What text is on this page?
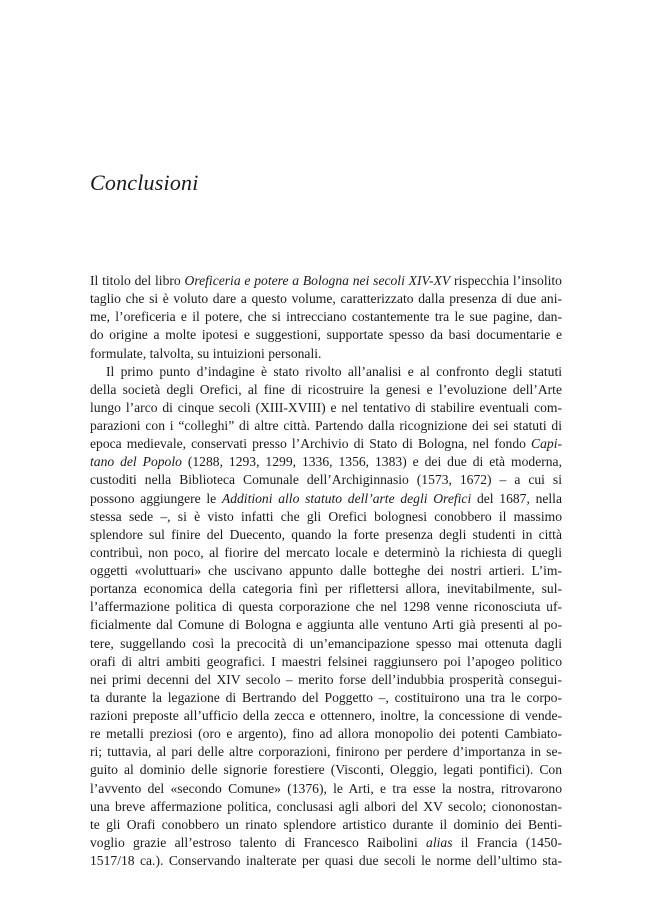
Conclusioni
Il titolo del libro Oreficeria e potere a Bologna nei secoli XIV-XV rispecchia l’insolito
taglio che si è voluto dare a questo volume, caratterizzato dalla presenza di due ani-
me, l’oreficeria e il potere, che si intrecciano costantemente tra le sue pagine, dan-
do origine a molte ipotesi e suggestioni, supportate spesso da basi documentarie e
formulate, talvolta, su intuizioni personali.
Il primo punto d’indagine è stato rivolto all’analisi e al confronto degli statuti
della società degli Orefici, al fine di ricostruire la genesi e l’evoluzione dell’Arte
lungo l’arco di cinque secoli (XIII-XVIII) e nel tentativo di stabilire eventuali com-
parazioni con i “colleghi” di altre città. Partendo dalla ricognizione dei sei statuti di
epoca medievale, conservati presso l’Archivio di Stato di Bologna, nel fondo Capi-
tano del Popolo (1288, 1293, 1299, 1336, 1356, 1383) e dei due di età moderna,
custoditi nella Biblioteca Comunale dell’Archiginnasio (1573, 1672) – a cui si
possono aggiungere le Additioni allo statuto dell’arte degli Orefici del 1687, nella
stessa sede –, si è visto infatti che gli Orefici bolognesi conobbero il massimo
splendore sul finire del Duecento, quando la forte presenza degli studenti in città
contribuì, non poco, al fiorire del mercato locale e determinò la richiesta di quegli
oggetti «voluttuari» che uscivano appunto dalle botteghe dei nostri artieri. L’im-
portanza economica della categoria finì per riflettersi allora, inevitabilmente, sul-
l’affermazione politica di questa corporazione che nel 1298 venne riconosciuta uf-
ficialmente dal Comune di Bologna e aggiunta alle ventuno Arti già presenti al po-
tere, suggellando così la precocità di un’emancipazione spesso mai ottenuta dagli
orafi di altri ambiti geografici. I maestri felsinei raggiunsero poi l’apogeo politico
nei primi decenni del XIV secolo – merito forse dell’indubbia prosperità consegui-
ta durante la legazione di Bertrando del Poggetto –, costituirono una tra le corpo-
razioni preposte all’ufficio della zecca e ottennero, inoltre, la concessione di vende-
re metalli preziosi (oro e argento), fino ad allora monopolio dei potenti Cambiato-
ri; tuttavia, al pari delle altre corporazioni, finirono per perdere d’importanza in se-
guito al dominio delle signorie forestiere (Visconti, Oleggio, legati pontifici). Con
l’avvento del «secondo Comune» (1376), le Arti, e tra esse la nostra, ritrovarono
una breve affermazione politica, conclusasi agli albori del XV secolo; ciononostan-
te gli Orafi conobbero un rinato splendore artistico durante il dominio dei Benti-
voglio grazie all’estroso talento di Francesco Raibolini alias il Francia (1450-
1517/18 ca.). Conservando inalterate per quasi due secoli le norme dell’ultimo sta-
